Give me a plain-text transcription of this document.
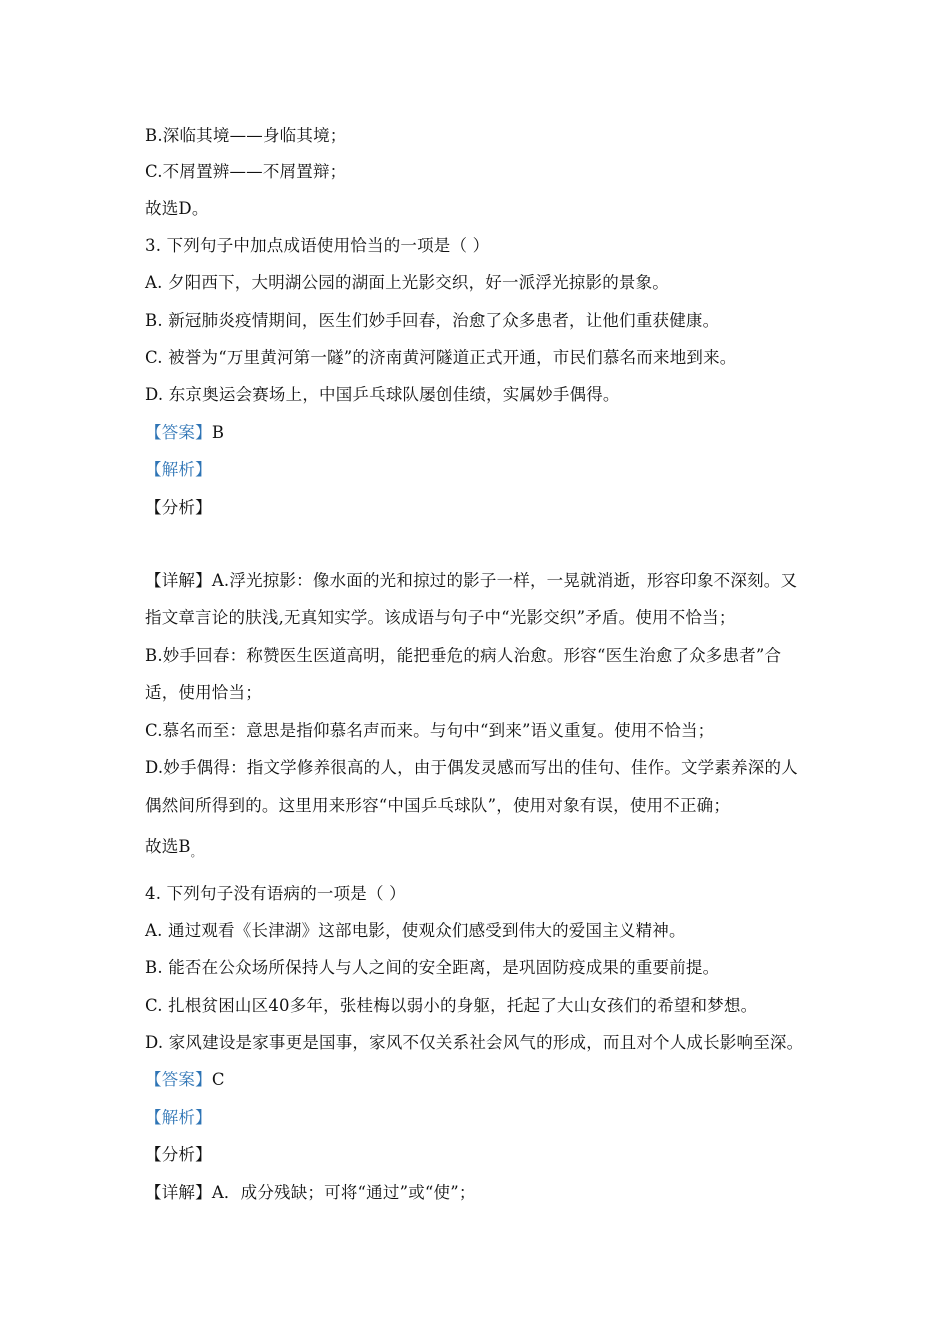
B.深临其境——身临其境；
C.不屑置辨——不屑置辩；
故选D。
3. 下列句子中加点成语使用恰当的一项是（ ）
A. 夕阳西下，大明湖公园的湖面上光影交织，好一派浮光掠影的景象。
B. 新冠肺炎疫情期间，医生们妙手回春，治愈了众多患者，让他们重获健康。
C. 被誉为“万里黄河第一隧”的济南黄河隧道正式开通，市民们慕名而来地到来。
D. 东京奥运会赛场上，中国乒乓球队屡创佳绩，实属妙手偶得。
【答案】B
【解析】
【分析】
【详解】A.浮光掠影：像水面的光和掠过的影子一样，一晃就消逝，形容印象不深刻。又
指文章言论的肤浅,无真知实学。该成语与句子中“光影交织”矛盾。使用不恰当；
B.妙手回春：称赞医生医道高明，能把垂危的病人治愈。形容“医生治愈了众多患者”合
适，使用恰当；
C.慕名而至：意思是指仰慕名声而来。与句中“到来”语义重复。使用不恰当；
D.妙手偶得：指文学修养很高的人，由于偶发灵感而写出的佳句、佳作。文学素养深的人
偶然间所得到的。这里用来形容“中国乒乓球队”，使用对象有误，使用不正确；
故选$B_。$
4. 下列句子没有语病的一项是（ ）
A. 通过观看《长津湖》这部电影，使观众们感受到伟大的爱国主义精神。
B. 能否在公众场所保持人与人之间的安全距离，是巩固防疫成果的重要前提。
C. 扎根贫困山区40多年，张桂梅以弱小的身躯，托起了大山女孩们的希望和梦想。
D. 家风建设是家事更是国事，家风不仅关系社会风气的形成，而且对个人成长影响至深。
【答案】C
【解析】
【分析】
【详解】A．成分残缺；可将“通过”或“使”；
